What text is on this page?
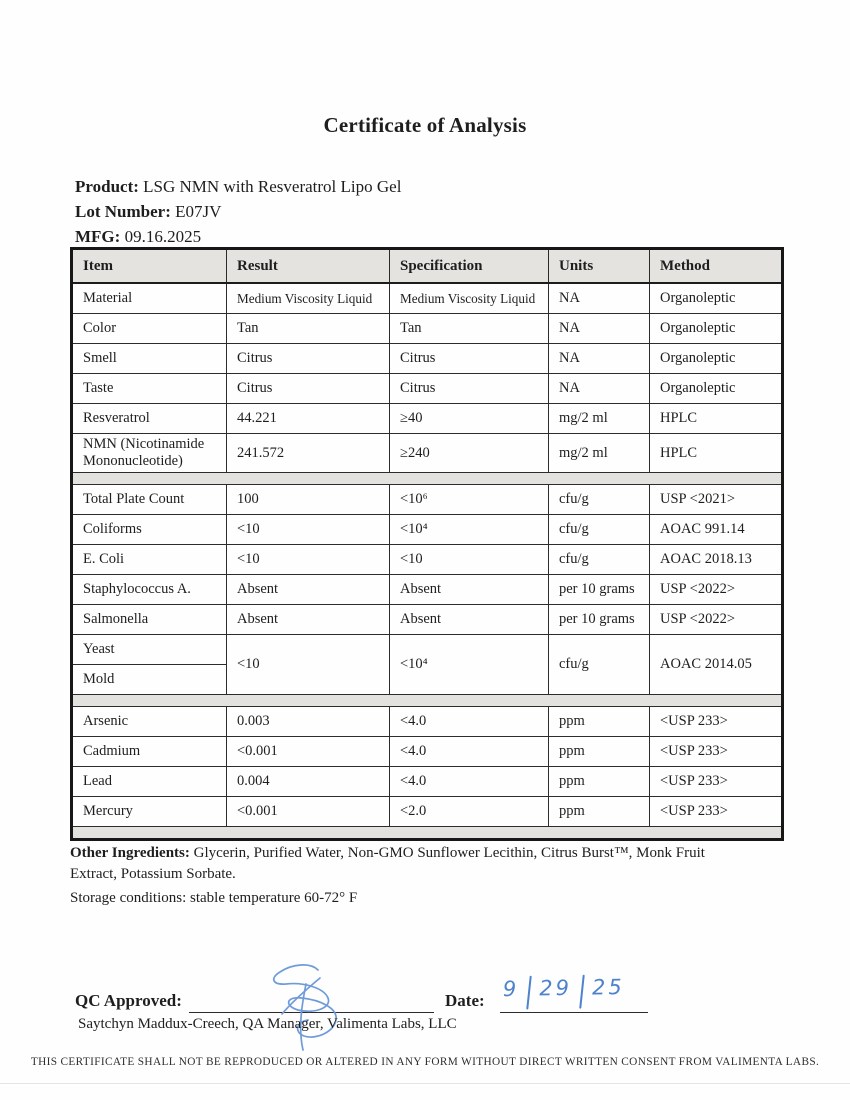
Certificate of Analysis
Product: LSG NMN with Resveratrol Lipo Gel
Lot Number: E07JV
MFG: 09.16.2025
Item	Result	Specification	Units	Method
Material	Medium Viscosity Liquid	Medium Viscosity Liquid	NA	Organoleptic
Color	Tan	Tan	NA	Organoleptic
Smell	Citrus	Citrus	NA	Organoleptic
Taste	Citrus	Citrus	NA	Organoleptic
Resveratrol	44.221	≥40	mg/2 ml	HPLC
NMN (Nicotinamide Mononucleotide)	241.572	≥240	mg/2 ml	HPLC

Total Plate Count	100	<10⁶	cfu/g	USP <2021>
Coliforms	<10	<10⁴	cfu/g	AOAC 991.14
E. Coli	<10	<10	cfu/g	AOAC 2018.13
Staphylococcus A.	Absent	Absent	per 10 grams	USP <2022>
Salmonella	Absent	Absent	per 10 grams	USP <2022>
Yeast	<10	<10⁴	cfu/g	AOAC 2014.05
Mold				

Arsenic	0.003	<4.0	ppm	<USP 233>
Cadmium	<0.001	<4.0	ppm	<USP 233>
Lead	0.004	<4.0	ppm	<USP 233>
Mercury	<0.001	<2.0	ppm	<USP 233>

Other Ingredients: Glycerin, Purified Water, Non-GMO Sunflower Lecithin, Citrus Burst™, Monk Fruit Extract, Potassium Sorbate.
Storage conditions: stable temperature 60-72° F
QC Approved:	Date: 9 29 25
Saytchyn Maddux-Creech, QA Manager, Valimenta Labs, LLC
THIS CERTIFICATE SHALL NOT BE REPRODUCED OR ALTERED IN ANY FORM WITHOUT DIRECT WRITTEN CONSENT FROM VALIMENTA LABS.
